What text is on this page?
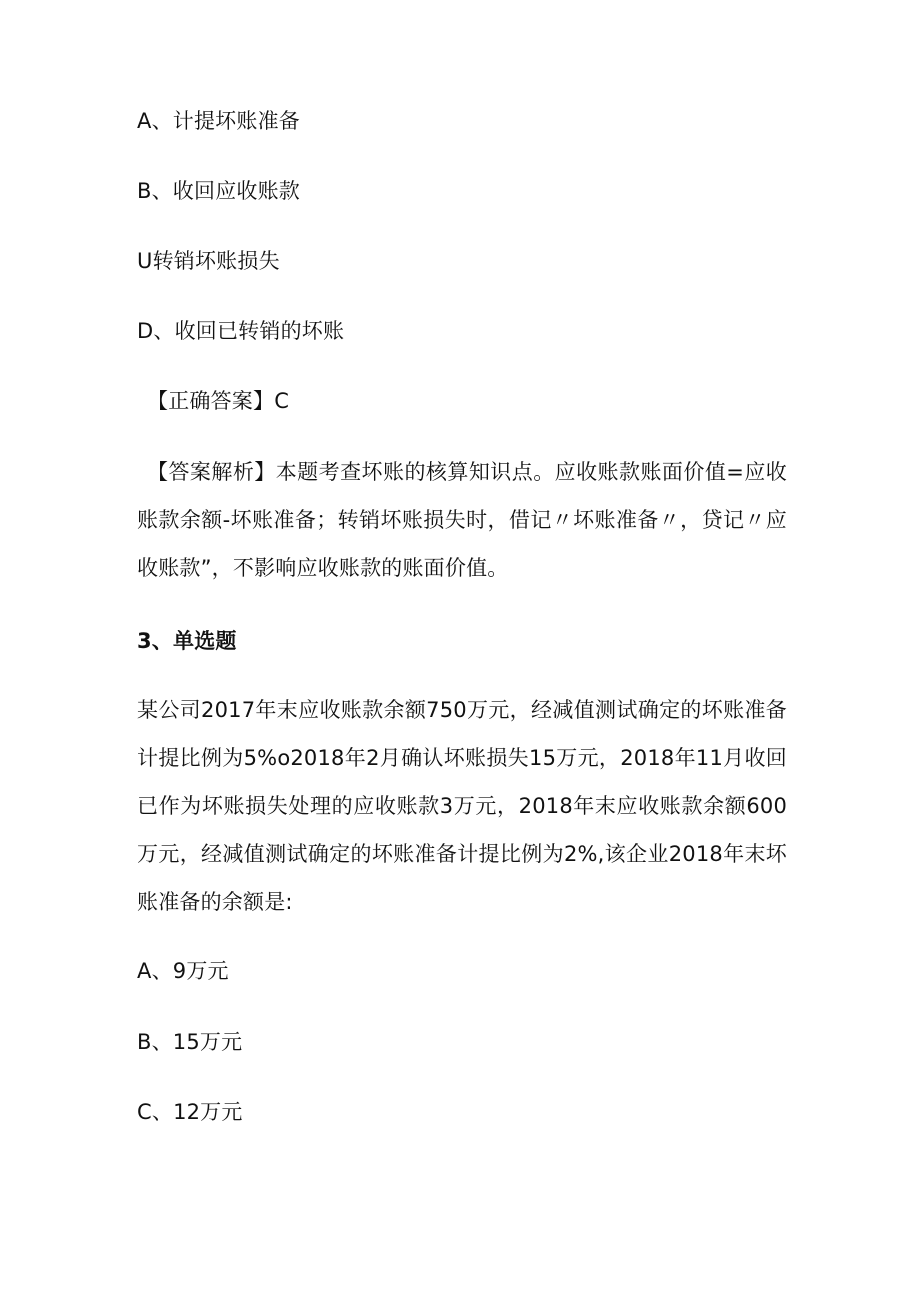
A、计提坏账准备
B、收回应收账款
U转销坏账损失
D、收回已转销的坏账
【正确答案】C
【答案解析】本题考查坏账的核算知识点。应收账款账面价值=应收账款余额-坏账准备；转销坏账损失时，借记〃坏账准备〃，贷记〃应收账款”，不影响应收账款的账面价值。
3、单选题
某公司2017年末应收账款余额750万元，经减值测试确定的坏账准备计提比例为5%o2018年2月确认坏账损失15万元，2018年11月收回已作为坏账损失处理的应收账款3万元，2018年末应收账款余额600万元，经减值测试确定的坏账准备计提比例为2%,该企业2018年末坏账准备的余额是:
A、9万元
B、15万元
C、12万元
